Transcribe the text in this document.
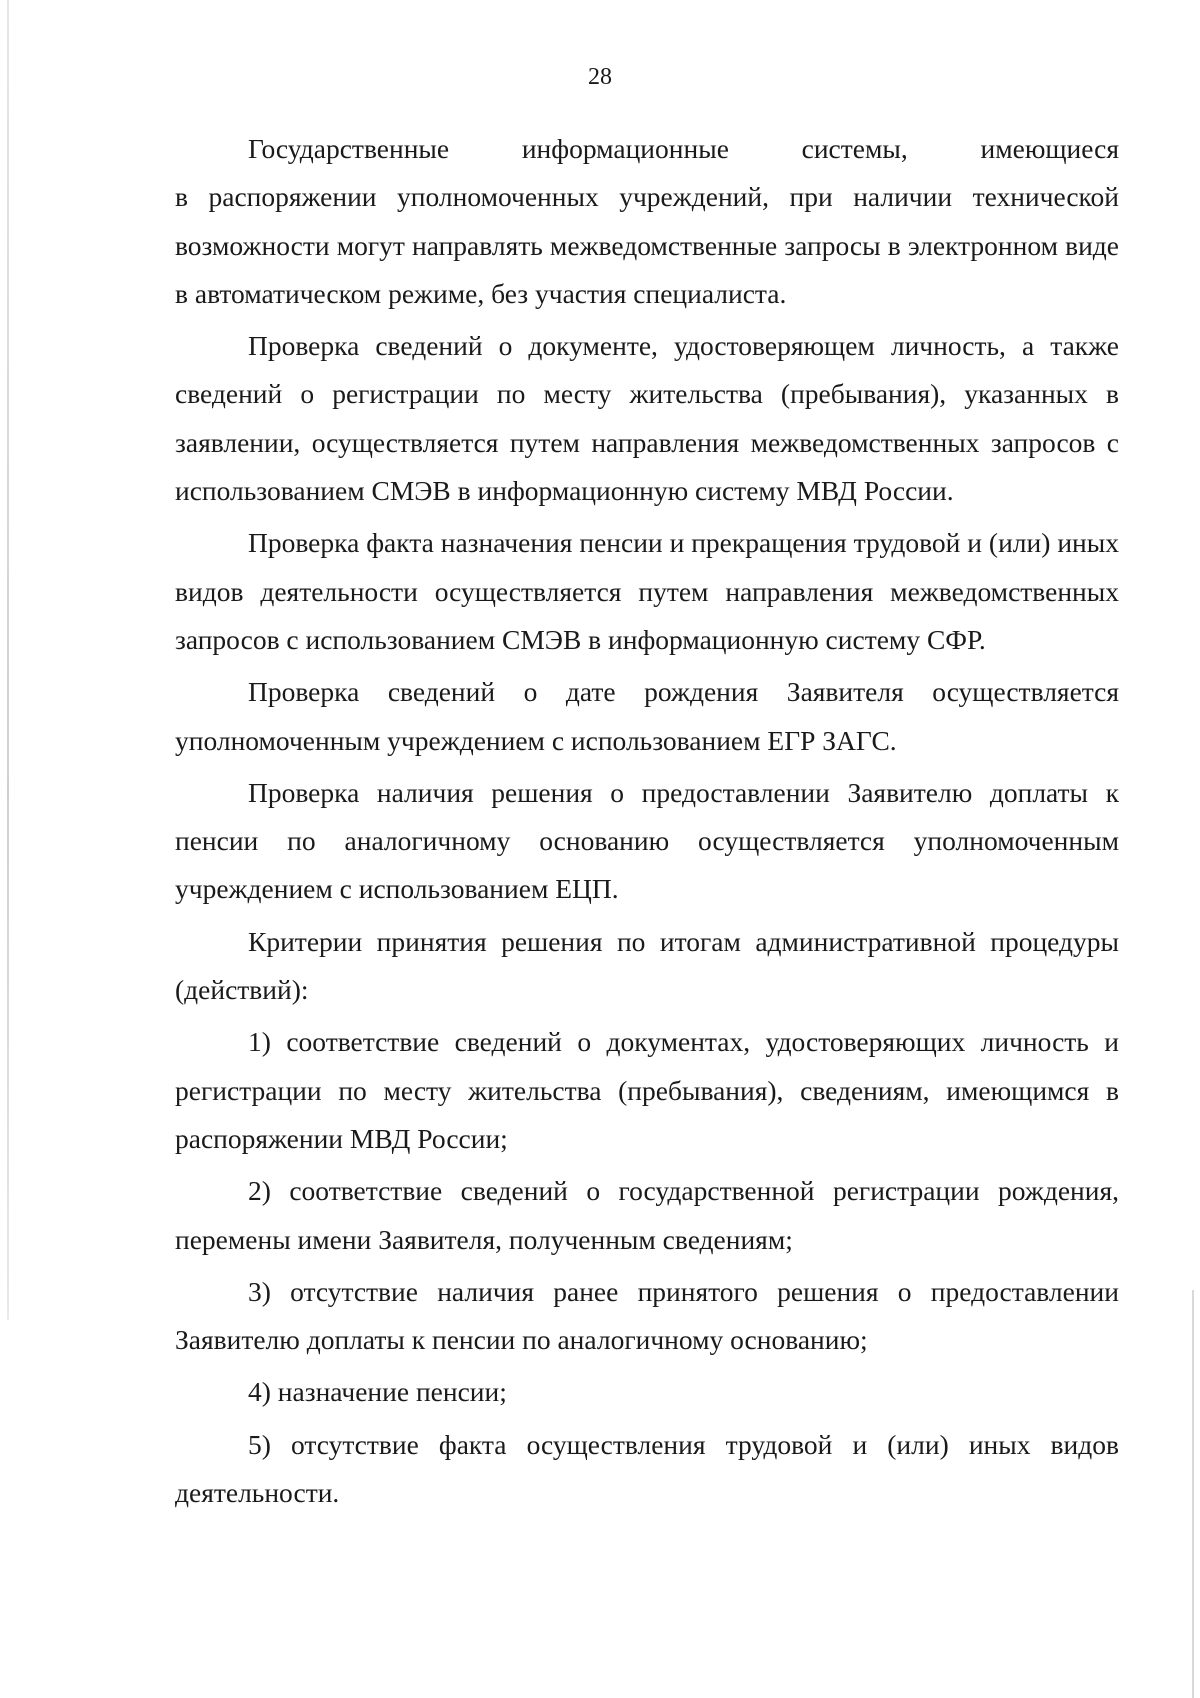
28

Государственные информационные системы, имеющиеся

в распоряжении уполномоченных учреждений, при наличии технической возможности могут направлять межведомственные запросы в электронном виде в автоматическом режиме, без участия специалиста.

Проверка сведений о документе, удостоверяющем личность, а также сведений о регистрации по месту жительства (пребывания), указанных в заявлении, осуществляется путем направления межведомственных запросов с использованием СМЭВ в информационную систему МВД России.

Проверка факта назначения пенсии и прекращения трудовой и (или) иных видов деятельности осуществляется путем направления межведомственных запросов с использованием СМЭВ в информационную систему СФР.

Проверка сведений о дате рождения Заявителя осуществляется уполномоченным учреждением с использованием ЕГР ЗАГС.

Проверка наличия решения о предоставлении Заявителю доплаты к пенсии по аналогичному основанию осуществляется уполномоченным учреждением с использованием ЕЦП.

Критерии принятия решения по итогам административной процедуры (действий):

1) соответствие сведений о документах, удостоверяющих личность и регистрации по месту жительства (пребывания), сведениям, имеющимся в распоряжении МВД России;

2) соответствие сведений о государственной регистрации рождения, перемены имени Заявителя, полученным сведениям;

3) отсутствие наличия ранее принятого решения о предоставлении Заявителю доплаты к пенсии по аналогичному основанию;

4) назначение пенсии;

5) отсутствие факта осуществления трудовой и (или) иных видов деятельности.
